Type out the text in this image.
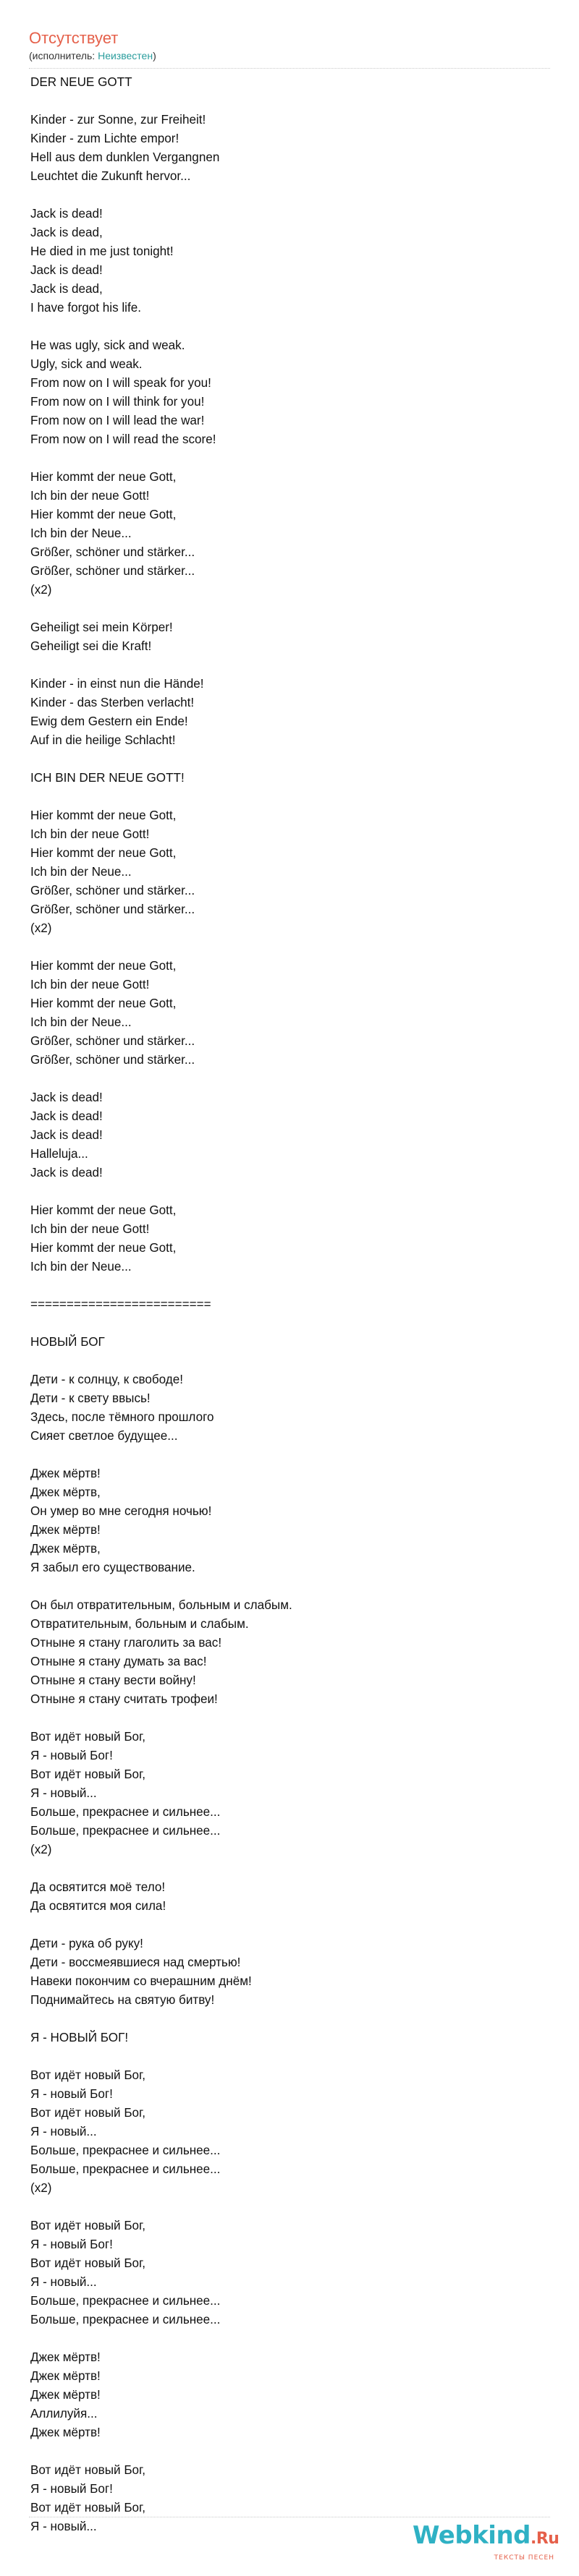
Отсутствует
(исполнитель: Неизвестен)
DER NEUE GOTT
Kinder - zur Sonne, zur Freiheit!
Kinder - zum Lichte empor!
Hell aus dem dunklen Vergangnen
Leuchtet die Zukunft hervor...
Jack is dead!
Jack is dead,
He died in me just tonight!
Jack is dead!
Jack is dead,
I have forgot his life.
He was ugly, sick and weak.
Ugly, sick and weak.
From now on I will speak for you!
From now on I will think for you!
From now on I will lead the war!
From now on I will read the score!
Hier kommt der neue Gott,
Ich bin der neue Gott!
Hier kommt der neue Gott,
Ich bin der Neue...
Größer, schöner und stärker...
Größer, schöner und stärker...
(x2)
Geheiligt sei mein Körper!
Geheiligt sei die Kraft!
Kinder - in einst nun die Hände!
Kinder - das Sterben verlacht!
Ewig dem Gestern ein Ende!
Auf in die heilige Schlacht!
ICH BIN DER NEUE GOTT!
Hier kommt der neue Gott,
Ich bin der neue Gott!
Hier kommt der neue Gott,
Ich bin der Neue...
Größer, schöner und stärker...
Größer, schöner und stärker...
(x2)
Hier kommt der neue Gott,
Ich bin der neue Gott!
Hier kommt der neue Gott,
Ich bin der Neue...
Größer, schöner und stärker...
Größer, schöner und stärker...
Jack is dead!
Jack is dead!
Jack is dead!
Halleluja...
Jack is dead!
Hier kommt der neue Gott,
Ich bin der neue Gott!
Hier kommt der neue Gott,
Ich bin der Neue...
=========================
НОВЫЙ БОГ
Дети - к солнцу, к свободе!
Дети - к свету ввысь!
Здесь, после тёмного прошлого
Сияет светлое будущее...
Джек мёртв!
Джек мёртв,
Он умер во мне сегодня ночью!
Джек мёртв!
Джек мёртв,
Я забыл его существование.
Он был отвратительным, больным и слабым.
Отвратительным, больным и слабым.
Отныне я стану глаголить за вас!
Отныне я стану думать за вас!
Отныне я стану вести войну!
Отныне я стану считать трофеи!
Вот идёт новый Бог,
Я - новый Бог!
Вот идёт новый Бог,
Я - новый...
Больше, прекраснее и сильнее...
Больше, прекраснее и сильнее...
(x2)
Да освятится моё тело!
Да освятится моя сила!
Дети - рука об руку!
Дети - воссмеявшиеся над смертью!
Навеки покончим со вчерашним днём!
Поднимайтесь на святую битву!
Я - НОВЫЙ БОГ!
Вот идёт новый Бог,
Я - новый Бог!
Вот идёт новый Бог,
Я - новый...
Больше, прекраснее и сильнее...
Больше, прекраснее и сильнее...
(x2)
Вот идёт новый Бог,
Я - новый Бог!
Вот идёт новый Бог,
Я - новый...
Больше, прекраснее и сильнее...
Больше, прекраснее и сильнее...
Джек мёртв!
Джек мёртв!
Джек мёртв!
Аллилуйя...
Джек мёртв!
Вот идёт новый Бог,
Я - новый Бог!
Вот идёт новый Бог,
Я - новый...	Webkind.Ru
ТЕКСТЫ ПЕСЕН
